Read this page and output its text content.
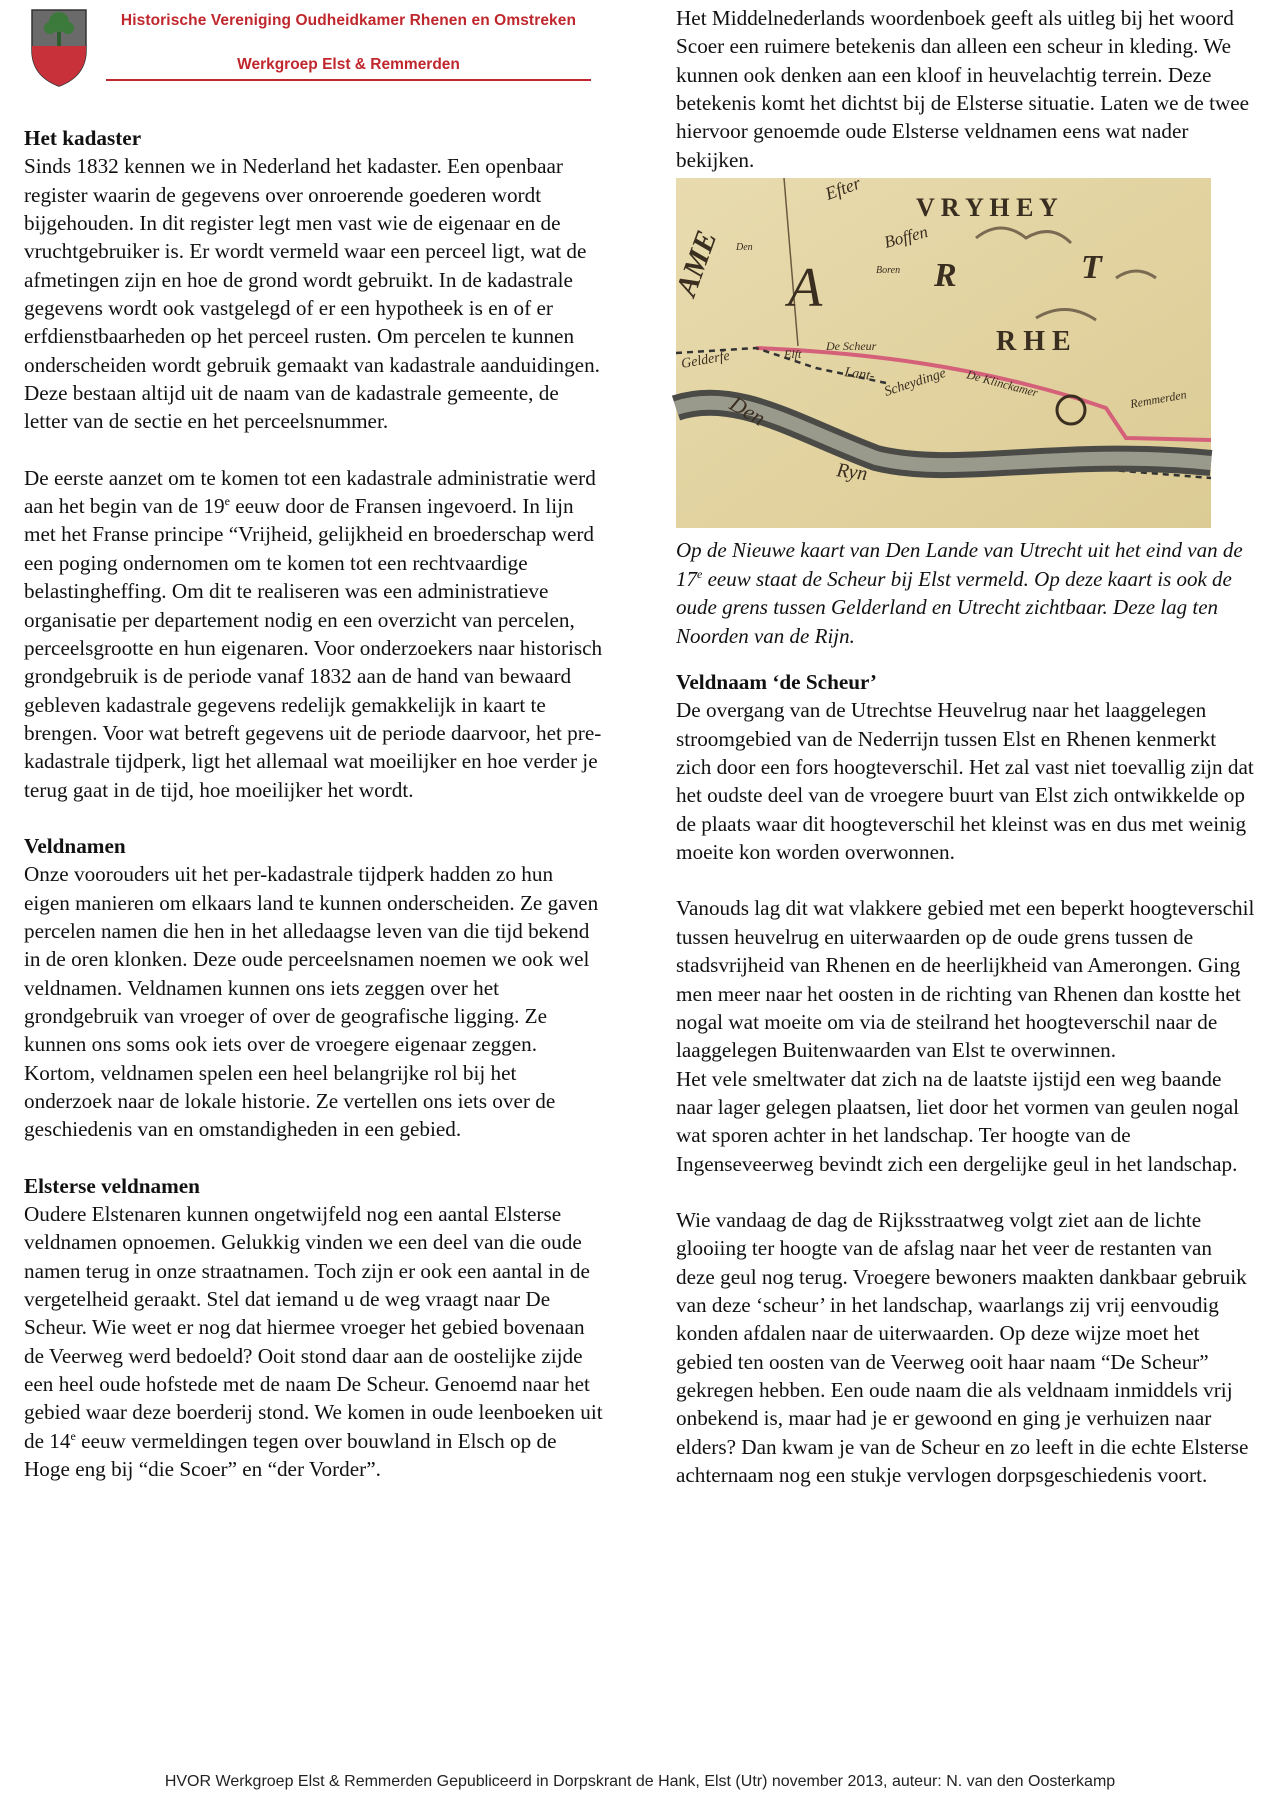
Historische Vereniging Oudheidkamer Rhenen en Omstreken
Werkgroep Elst & Remmerden
Het kadaster

Sinds 1832 kennen we in Nederland het kadaster. Een openbaar register waarin de gegevens over onroerende goederen wordt bijgehouden. In dit register legt men vast wie de eigenaar en de vruchtgebruiker is. Er wordt vermeld waar een perceel ligt, wat de afmetingen zijn en hoe de grond wordt gebruikt. In de kadastrale gegevens wordt ook vastgelegd of er een hypotheek is en of er erfdienstbaarheden op het perceel rusten. Om percelen te kunnen onderscheiden wordt gebruik gemaakt van kadastrale aanduidingen. Deze bestaan altijd uit de naam van de kadastrale gemeente, de letter van de sectie en het perceelsnummer.

De eerste aanzet om te komen tot een kadastrale administratie werd aan het begin van de 19e eeuw door de Fransen ingevoerd. In lijn met het Franse principe “Vrijheid, gelijkheid en broederschap werd een poging ondernomen om te komen tot een rechtvaardige belastingheffing. Om dit te realiseren was een administratieve organisatie per departement nodig en een overzicht van percelen, perceelsgrootte en hun eigenaren. Voor onderzoekers naar historisch grondgebruik is de periode vanaf 1832 aan de hand van bewaard gebleven kadastrale gegevens redelijk gemakkelijk in kaart te brengen. Voor wat betreft gegevens uit de periode daarvoor, het pre-kadastrale tijdperk, ligt het allemaal wat moeilijker en hoe verder je terug gaat in de tijd, hoe moeilijker het wordt.

Veldnamen

Onze voorouders uit het per-kadastrale tijdperk hadden zo hun eigen manieren om elkaars land te kunnen onderscheiden. Ze gaven percelen namen die hen in het alledaagse leven van die tijd bekend in de oren klonken. Deze oude perceelsnamen noemen we ook wel veldnamen. Veldnamen kunnen ons iets zeggen over het grondgebruik van vroeger of over de geografische ligging. Ze kunnen ons soms ook iets over de vroegere eigenaar zeggen. Kortom, veldnamen spelen een heel belangrijke rol bij het onderzoek naar de lokale historie. Ze vertellen ons iets over de geschiedenis van en omstandigheden in een gebied.

Elsterse veldnamen

Oudere Elstenaren kunnen ongetwijfeld nog een aantal Elsterse veldnamen opnoemen. Gelukkig vinden we een deel van die oude namen terug in onze straatnamen. Toch zijn er ook een aantal in de vergetelheid geraakt. Stel dat iemand u de weg vraagt naar De Scheur. Wie weet er nog dat hiermee vroeger het gebied bovenaan de Veerweg werd bedoeld? Ooit stond daar aan de oostelijke zijde een heel oude hofstede met de naam De Scheur. Genoemd naar het gebied waar deze boerderij stond. We komen in oude leenboeken uit de 14e eeuw vermeldingen tegen over bouwland in Elsch op de Hoge eng bij “die Scoer” en “der Vorder”.

Het Middelnederlands woordenboek geeft als uitleg bij het woord Scoer een ruimere betekenis dan alleen een scheur in kleding. We kunnen ook denken aan een kloof in heuvelachtig terrein. Deze betekenis komt het dichtst bij de Elsterse situatie. Laten we de twee hiervoor genoemde oude Elsterse veldnamen eens wat nader bekijken.

Efter
V R Y H E Y
Boffen
A	R	T
R H E
De Scheur
Gelderfe
Lant- Scheydinge De Klinckamer	Remmerden
Den
Ryn
Den
Boren
AME
Elft

Op de Nieuwe kaart van Den Lande van Utrecht uit het eind van de 17e eeuw staat de Scheur bij Elst vermeld. Op deze kaart is ook de oude grens tussen Gelderland en Utrecht zichtbaar. Deze lag ten Noorden van de Rijn.

Veldnaam ‘de Scheur’

De overgang van de Utrechtse Heuvelrug naar het laaggelegen stroomgebied van de Nederrijn tussen Elst en Rhenen kenmerkt zich door een fors hoogteverschil. Het zal vast niet toevallig zijn dat het oudste deel van de vroegere buurt van Elst zich ontwikkelde op de plaats waar dit hoogteverschil het kleinst was en dus met weinig moeite kon worden overwonnen.

Vanouds lag dit wat vlakkere gebied met een beperkt hoogteverschil tussen heuvelrug en uiterwaarden op de oude grens tussen de stadsvrijheid van Rhenen en de heerlijkheid van Amerongen. Ging men meer naar het oosten in de richting van Rhenen dan kostte het nogal wat moeite om via de steilrand het hoogteverschil naar de laaggelegen Buitenwaarden van Elst te overwinnen.

Het vele smeltwater dat zich na de laatste ijstijd een weg baande naar lager gelegen plaatsen, liet door het vormen van geulen nogal wat sporen achter in het landschap. Ter hoogte van de Ingenseveerweg bevindt zich een dergelijke geul in het landschap.

Wie vandaag de dag de Rijksstraatweg volgt ziet aan de lichte glooiing ter hoogte van de afslag naar het veer de restanten van deze geul nog terug. Vroegere bewoners maakten dankbaar gebruik van deze ‘scheur’ in het landschap, waarlangs zij vrij eenvoudig konden afdalen naar de uiterwaarden. Op deze wijze moet het gebied ten oosten van de Veerweg ooit haar naam “De Scheur” gekregen hebben. Een oude naam die als veldnaam inmiddels vrij onbekend is, maar had je er gewoond en ging je verhuizen naar elders? Dan kwam je van de Scheur en zo leeft in die echte Elsterse achternaam nog een stukje vervlogen dorpsgeschiedenis voort.

HVOR Werkgroep Elst & Remmerden Gepubliceerd in Dorpskrant de Hank, Elst (Utr) november 2013, auteur: N. van den Oosterkamp
